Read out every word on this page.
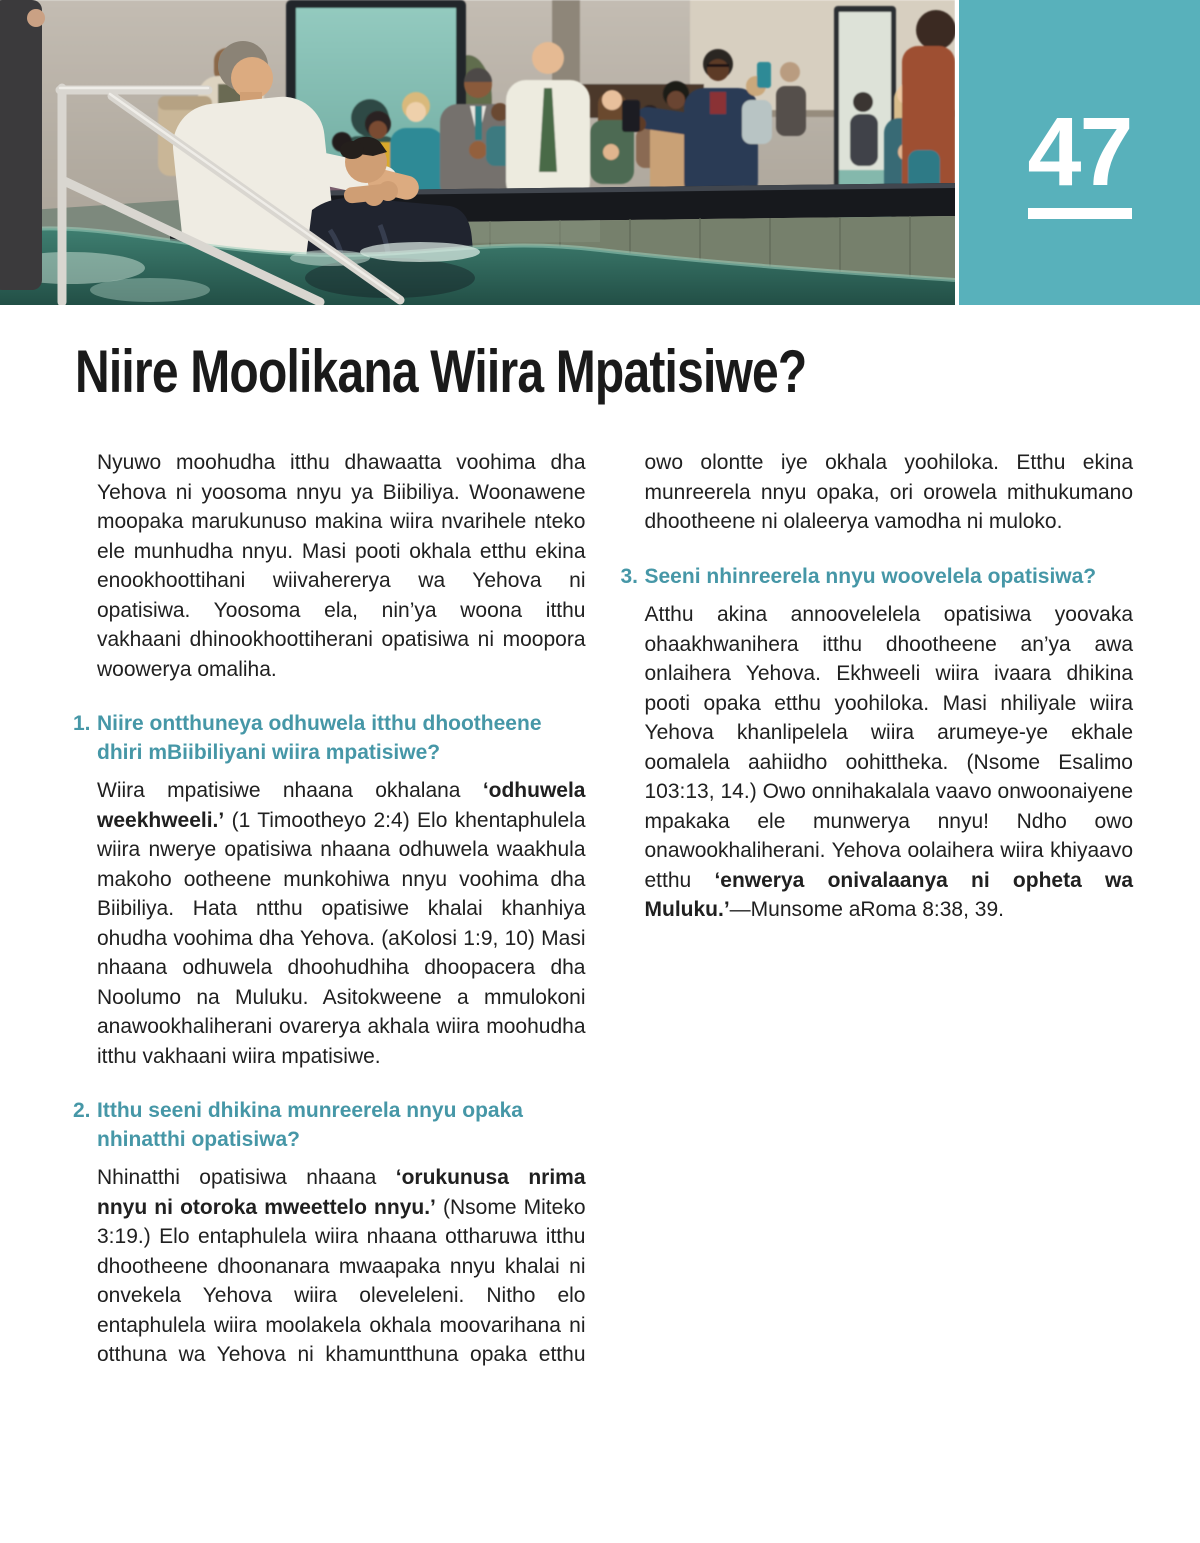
47
Niire Moolikana Wiira Mpatisiwe?

Nyuwo moohudha itthu dhawaatta voohima dha Yehova ni yoosoma nnyu ya Biibiliya. Woonawene moopaka marukunuso makina wiira nvarihele nteko ele munhudha nnyu. Masi pooti okhala etthu ekina enookhoottihani wiivahererya wa Yehova ni opatisiwa. Yoosoma ela, nin’ya woona itthu vakhaani dhinookhoottiherani opatisiwa ni moopora woowerya omaliha.

1. Niire ontthuneya odhuwela itthu dhootheene dhiri mBiibiliyani wiira mpatisiwe?

Wiira mpatisiwe nhaana okhalana ‘odhuwela weekhweeli.’ (1 Timootheyo 2:4) Elo khentaphulela wiira nwerye opatisiwa nhaana odhuwela waakhula makoho ootheene munkohiwa nnyu voohima dha Biibiliya. Hata ntthu opatisiwe khalai khanhiya ohudha voohima dha Yehova. (aKolosi 1:9, 10) Masi nhaana odhuwela dhoohudhiha dhoopacera dha Noolumo na Muluku. Asitokweene a mmulokoni anawookhaliherani ovarerya akhala wiira moohudha itthu vakhaani wiira mpatisiwe.

2. Itthu seeni dhikina munreerela nnyu opaka nhinatthi opatisiwa?

Nhinatthi opatisiwa nhaana ‘orukunusa nrima nnyu ni otoroka mweettelo nnyu.’ (Nsome Miteko 3:19.) Elo entaphulela wiira nhaana ottharuwa itthu dhootheene dhoonanara mwaapaka nnyu khalai ni onvekela Yehova wiira oleveleleni. Nitho elo entaphulela wiira moolakela okhala moovarihana ni otthuna wa Yehova ni khamuntthuna opaka etthu owo olontte iye okhala yoohiloka. Etthu ekina munreerela nnyu opaka, ori orowela mithukumano dhootheene ni olaleerya vamodha ni muloko.

3. Seeni nhinreerela nnyu woovelela opatisiwa?

Atthu akina annoovelelela opatisiwa yoovaka ohaakhwanihera itthu dhootheene an’ya awa onlaihera Yehova. Ekhweeli wiira ivaara dhikina pooti opaka etthu yoohiloka. Masi nhiliyale wiira Yehova khanlipelela wiira arumeye-ye ekhale oomalela aahiidho oohittheka. (Nsome Esalimo 103:13, 14.) Owo onnihakalala vaavo onwoonaiyene mpakaka ele munwerya nnyu! Ndho owo onawookhaliherani. Yehova oolaihera wiira khiyaavo etthu ‘enwerya onivalaanya ni opheta wa Muluku.’—Munsome aRoma 8:38, 39.
